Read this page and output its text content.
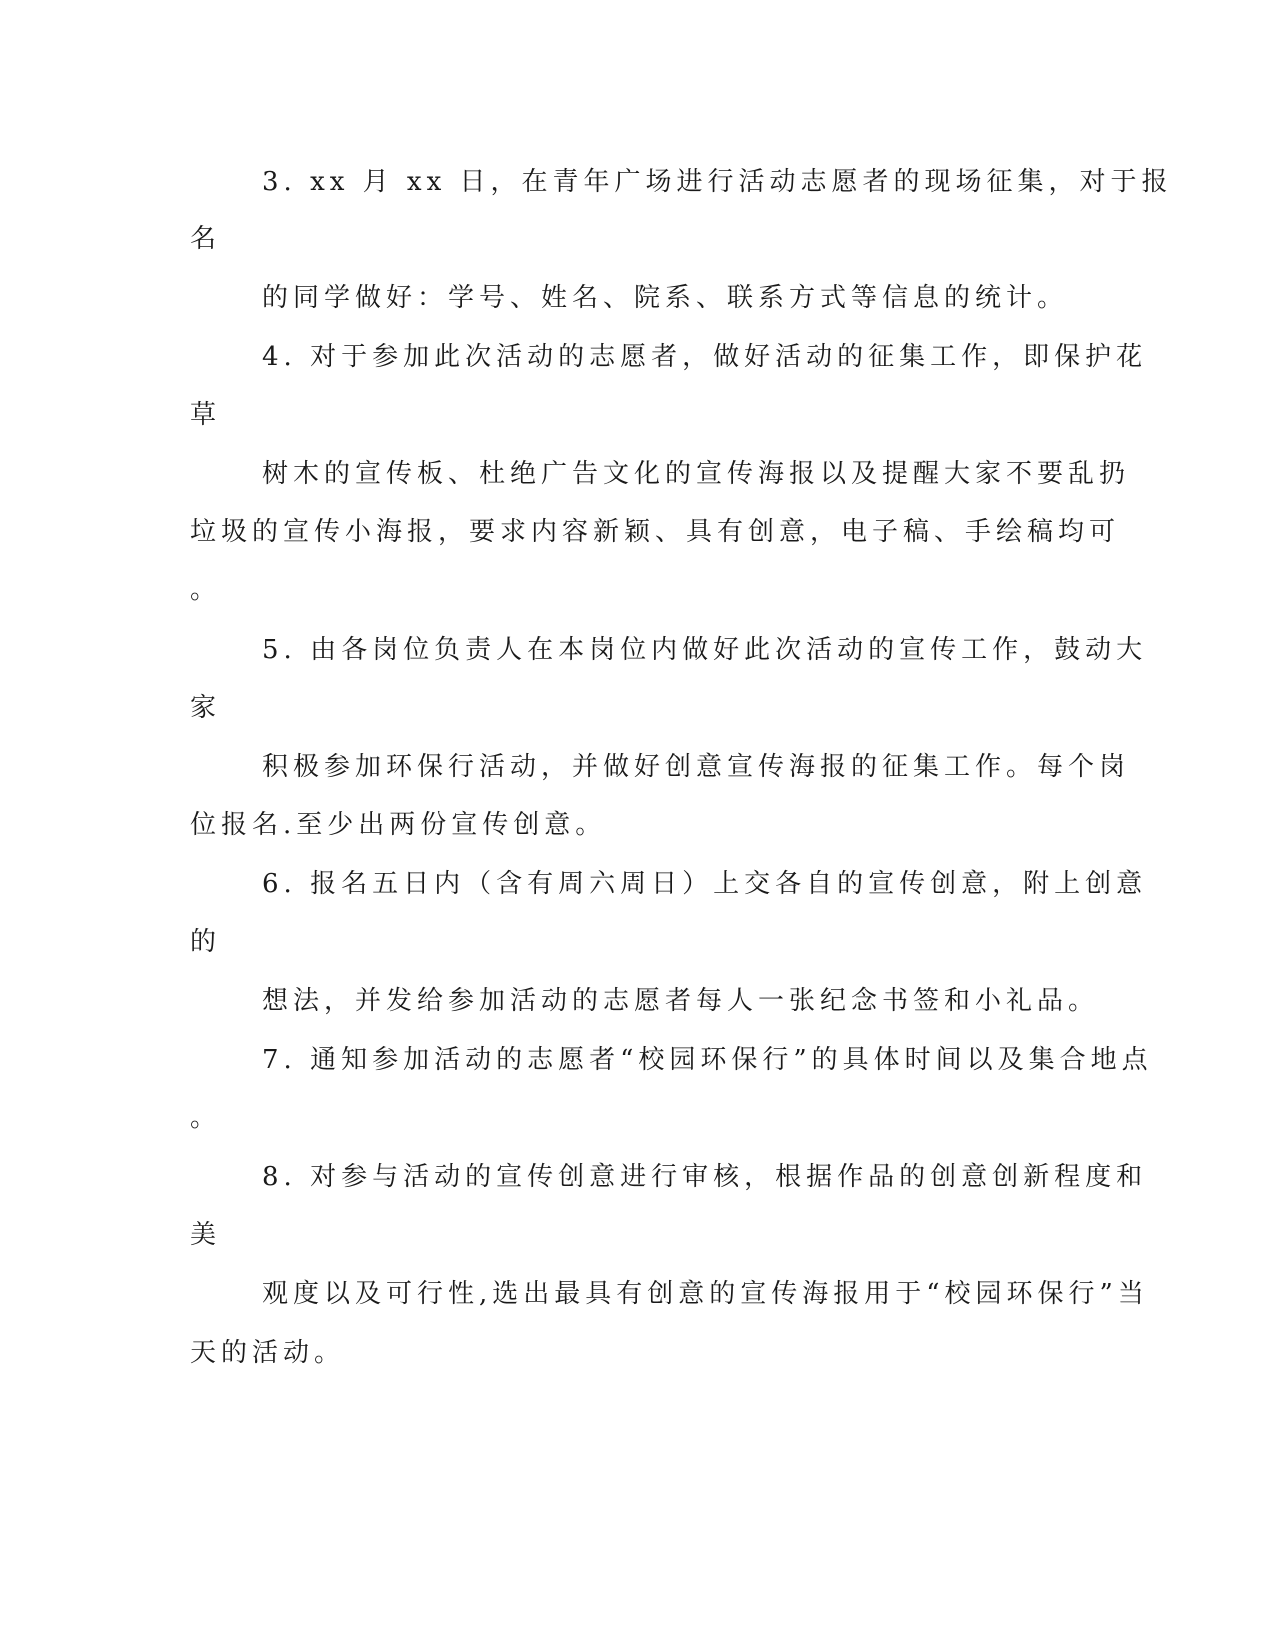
3. xx 月 xx 日，在青年广场进行活动志愿者的现场征集，对于报
名
的同学做好：学号、姓名、院系、联系方式等信息的统计。
4. 对于参加此次活动的志愿者，做好活动的征集工作，即保护花
草
树木的宣传板、杜绝广告文化的宣传海报以及提醒大家不要乱扔
垃圾的宣传小海报，要求内容新颖、具有创意，电子稿、手绘稿均可
。
5. 由各岗位负责人在本岗位内做好此次活动的宣传工作，鼓动大
家
积极参加环保行活动，并做好创意宣传海报的征集工作。每个岗
位报名.至少出两份宣传创意。
6. 报名五日内（含有周六周日）上交各自的宣传创意，附上创意
的
想法，并发给参加活动的志愿者每人一张纪念书签和小礼品。
7. 通知参加活动的志愿者“校园环保行”的具体时间以及集合地点
。
8. 对参与活动的宣传创意进行审核，根据作品的创意创新程度和
美
观度以及可行性,选出最具有创意的宣传海报用于“校园环保行”当
天的活动。
